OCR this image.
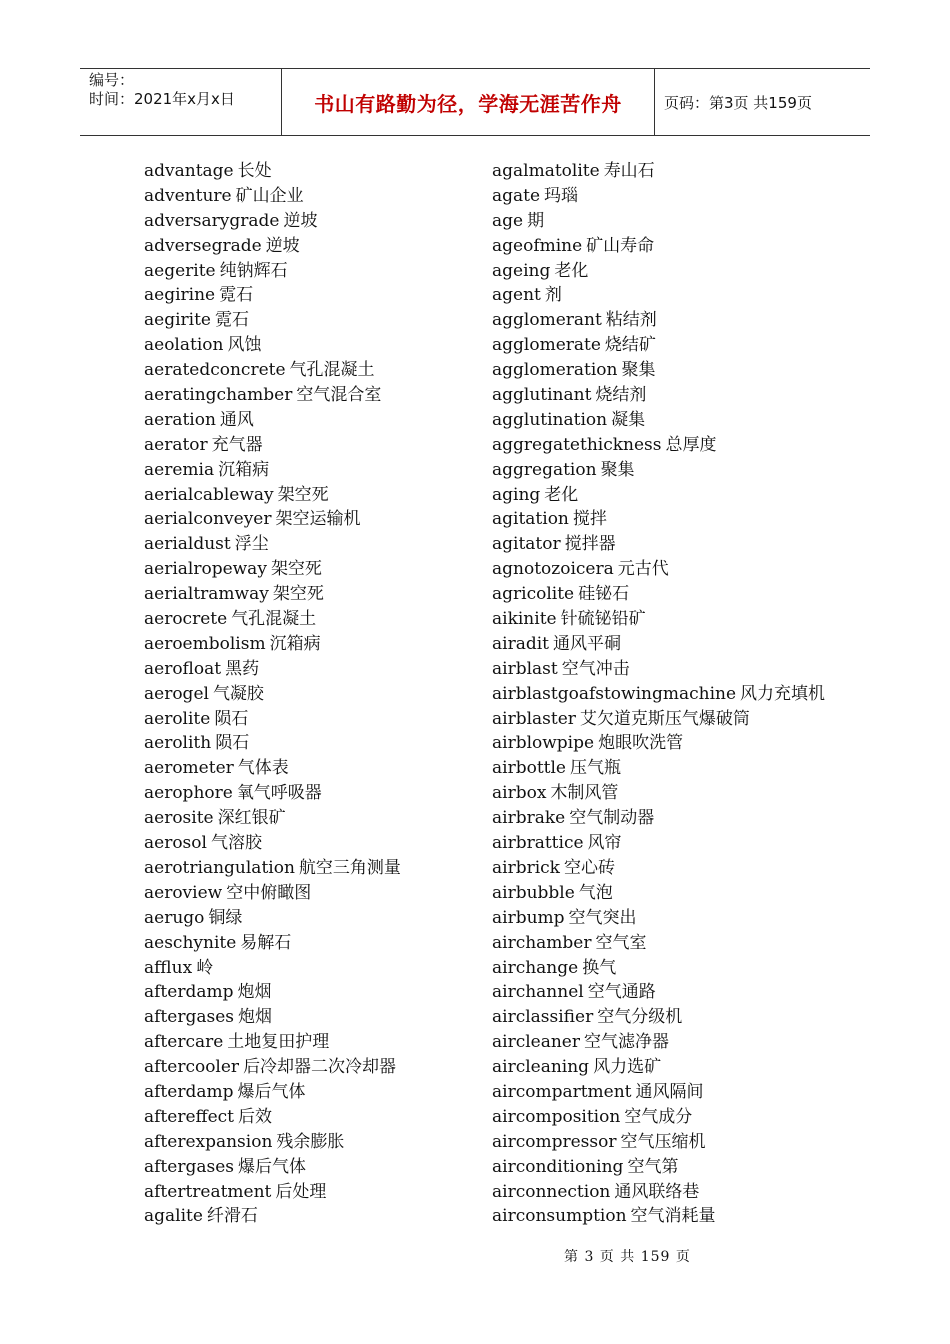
编号：
时间：2021年x月x日	书山有路勤为径，学海无涯苦作舟	页码：第3页 共159页
advantage 长处
adventure 矿山企业
adversarygrade 逆坡
adversegrade 逆坡
aegerite 纯钠辉石
aegirine 霓石
aegirite 霓石
aeolation 风蚀
aeratedconcrete 气孔混凝土
aeratingchamber 空气混合室
aeration 通风
aerator 充气器
aeremia 沉箱病
aerialcableway 架空死
aerialconveyer 架空运输机
aerialdust 浮尘
aerialropeway 架空死
aerialtramway 架空死
aerocrete 气孔混凝土
aeroembolism 沉箱病
aerofloat 黑药
aerogel 气凝胶
aerolite 陨石
aerolith 陨石
aerometer 气体表
aerophore 氧气呼吸器
aerosite 深红银矿
aerosol 气溶胶
aerotriangulation 航空三角测量
aeroview 空中俯瞰图
aerugo 铜绿
aeschynite 易解石
afflux 岭
afterdamp 炮烟
aftergases 炮烟
aftercare 土地复田护理
aftercooler 后冷却器二次冷却器
afterdamp 爆后气体
aftereffect 后效
afterexpansion 残余膨胀
aftergases 爆后气体
aftertreatment 后处理
agalite 纤滑石
agalmatolite 寿山石
agate 玛瑙
age 期
ageofmine 矿山寿命
ageing 老化
agent 剂
agglomerant 粘结剂
agglomerate 烧结矿
agglomeration 聚集
agglutinant 烧结剂
agglutination 凝集
aggregatethickness 总厚度
aggregation 聚集
aging 老化
agitation 搅拌
agitator 搅拌器
agnotozoicera 元古代
agricolite 硅铋石
aikinite 针硫铋铅矿
airadit 通风平硐
airblast 空气冲击
airblastgoafstowingmachine 风力充填机
airblaster 艾欠道克斯压气爆破筒
airblowpipe 炮眼吹洗管
airbottle 压气瓶
airbox 木制风管
airbrake 空气制动器
airbrattice 风帘
airbrick 空心砖
airbubble 气泡
airbump 空气突出
airchamber 空气室
airchange 换气
airchannel 空气通路
airclassifier 空气分级机
aircleaner 空气滤净器
aircleaning 风力选矿
aircompartment 通风隔间
aircomposition 空气成分
aircompressor 空气压缩机
airconditioning 空气第
airconnection 通风联络巷
airconsumption 空气消耗量
第 3 页 共 159 页
